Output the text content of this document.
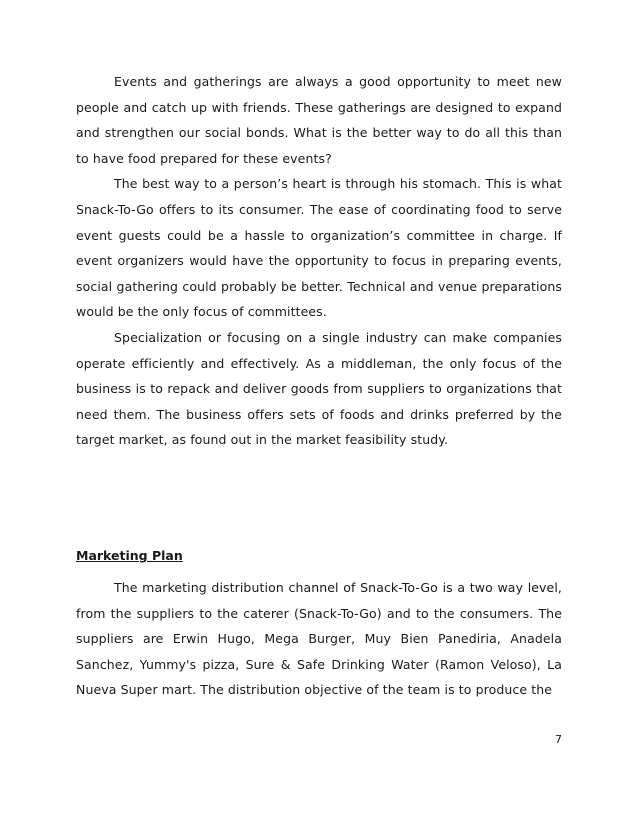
Events and gatherings are always a good opportunity to meet new people and catch up with friends. These gatherings are designed to expand and strengthen our social bonds. What is the better way to do all this than to have food prepared for these events?

The best way to a person’s heart is through his stomach. This is what Snack-To-Go offers to its consumer. The ease of coordinating food to serve event guests could be a hassle to organization’s committee in charge. If event organizers would have the opportunity to focus in preparing events, social gathering could probably be better. Technical and venue preparations would be the only focus of committees.

Specialization or focusing on a single industry can make companies operate efficiently and effectively. As a middleman, the only focus of the business is to repack and deliver goods from suppliers to organizations that need them. The business offers sets of foods and drinks preferred by the target market, as found out in the market feasibility study.

Marketing Plan

The marketing distribution channel of Snack-To-Go is a two way level, from the suppliers to the caterer (Snack-To-Go) and to the consumers. The suppliers are Erwin Hugo, Mega Burger, Muy Bien Panediria, Anadela Sanchez, Yummy's pizza, Sure & Safe Drinking Water (Ramon Veloso), La Nueva Super mart. The distribution objective of the team is to produce the

7
